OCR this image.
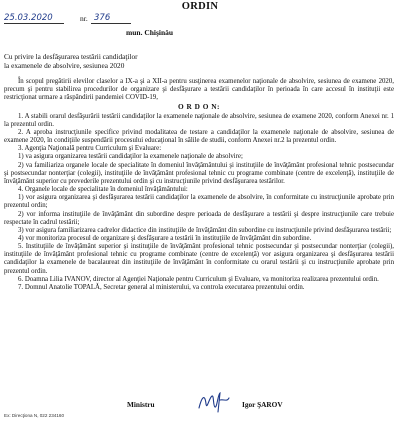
ORDIN
25.03.2020	nr. 376
mun. Chişinău
Cu privire la desfăşurarea testării candidaţilor
la examenele de absolvire, sesiunea 2020

În scopul pregătirii elevilor claselor a IX-a şi a XII-a pentru susţinerea examenelor naţionale de absolvire, sesiunea de examene 2020, precum şi pentru stabilirea procedurilor de organizare şi desfăşurare a testării candidaţilor în perioada în care accesul în instituţii este restricţionat urmare a răspândirii pandemiei COVID-19,

O R D O N:

1. A stabili orarul desfăşurării testării candidaţilor la examenele naţionale de absolvire, sesiunea de examene 2020, conform Anexei nr. 1 la prezentul ordin.

2. A aproba instrucţiunile specifice privind modalitatea de testare a candidaţilor la examenele naţionale de absolvire, sesiunea de examene 2020, în condiţiile suspendării procesului educaţional în sălile de studii, conform Anexei nr.2 la prezentul ordin.

3. Agenţia Naţională pentru Curriculum şi Evaluare:

1) va asigura organizarea testării candidaţilor la examenele naţionale de absolvire;

2) va familiariza organele locale de specialitate în domeniul învăţământului şi instituţiile de învăţământ profesional tehnic postsecundar şi postsecundar nonterţiar (colegii), instituţiile de învăţământ profesional tehnic cu programe combinate (centre de excelenţă), instituţiile de învăţământ superior cu prevederile prezentului ordin şi cu instrucţiunile privind desfăşurarea testărilor.

4. Organele locale de specialitate în domeniul învăţământului:

1) vor asigura organizarea şi desfăşurarea testării candidaţilor la examenele de absolvire, în conformitate cu instrucţiunile aprobate prin prezentul ordin;

2) vor informa instituţiile de învăţământ din subordine despre perioada de desfăşurare a testării şi despre instrucţiunile care trebuie respectate în cadrul testării;

3) vor asigura familiarizarea cadrelor didactice din instituţiile de învăţământ din subordine cu instrucţiunile privind desfăşurarea testării;

4) vor monitoriza procesul de organizare şi desfăşurare a testării în instituţiile de învăţământ din subordine.

5. Instituţiile de învăţământ superior şi instituţiile de învăţământ profesional tehnic postsecundar şi postsecundar nonterţiar (colegii), instituţiile de învăţământ profesional tehnic cu programe combinate (centre de excelenţă) vor asigura organizarea şi desfăşurarea testării candidaţilor la examenele de bacalaureat din instituţiile de învăţământ în conformitate cu orarul testării şi cu instrucţiunile aprobate prin prezentul ordin.

6. Doamna Lilia IVANOV, director al Agenţiei Naţionale pentru Curriculum şi Evaluare, va monitoriza realizarea prezentului ordin.

7. Domnul Anatolie TOPALĂ, Secretar general al ministerului, va controla executarea prezentului ordin.

Ministru	Igor ŞAROV
Ex: Direcţiona N, 022 234160
